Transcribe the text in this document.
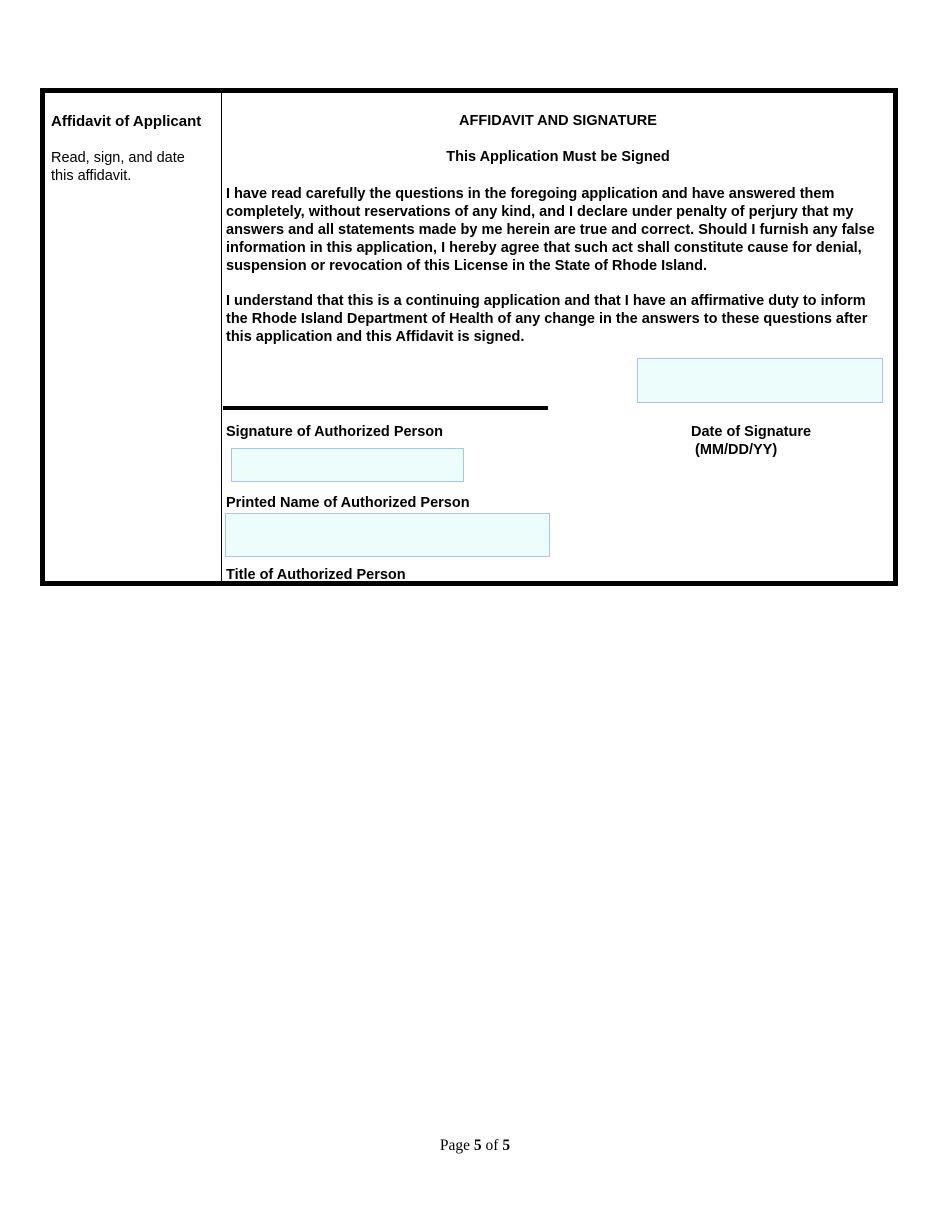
Affidavit of Applicant
Read, sign, and date this affidavit.
AFFIDAVIT AND SIGNATURE
This Application Must be Signed

I have read carefully the questions in the foregoing application and have answered them completely, without reservations of any kind, and I declare under penalty of perjury that my answers and all statements made by me herein are true and correct. Should I furnish any false information in this application, I hereby agree that such act shall constitute cause for denial, suspension or revocation of this License in the State of Rhode Island.

I understand that this is a continuing application and that I have an affirmative duty to inform the Rhode Island Department of Health of any change in the answers to these questions after this application and this Affidavit is signed.

Signature of Authorized Person	Date of Signature
(MM/DD/YY)
Printed Name of Authorized Person
Title of Authorized Person
Page 5 of 5
